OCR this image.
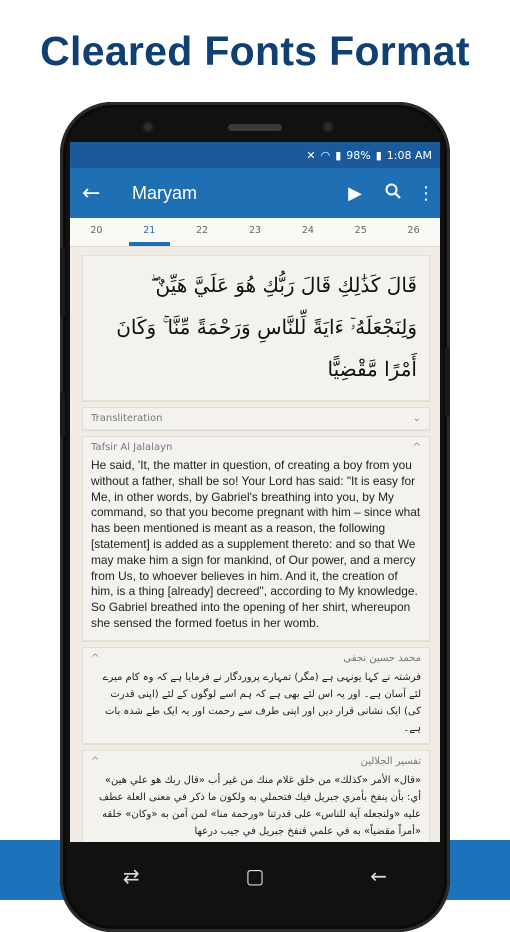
Cleared Fonts Format
✕ ◠ ▮ 98% ▮ 1:08 AM
←	Maryam	▶	⋮
20	21	22	23	24	25	26
قَالَ كَذَٰلِكِ قَالَ رَبُّكِ هُوَ عَلَيَّ هَيِّنٌ ۖ وَلِنَجْعَلَهُۥٓ ءَايَةً لِّلنَّاسِ وَرَحْمَةً مِّنَّا ۚ وَكَانَ أَمْرًا مَّقْضِيًّا
Transliteration	⌄
Tafsir Al Jalalayn	^
He said, 'It, the matter in question, of creating a boy from you without a father, shall be so! Your Lord has said: "It is easy for Me, in other words, by Gabriel's breathing into you, by My command, so that you become pregnant with him – since what has been mentioned is meant as a reason, the following [statement] is added as a supplement thereto: and so that We may make him a sign for mankind, of Our power, and a mercy from Us, to whoever believes in him. And it, the creation of him, is a thing [already] decreed", according to My knowledge. So Gabriel breathed into the opening of her shirt, whereupon she sensed the formed foetus in her womb.
محمد حسین نجفی
^
فرشتہ نے کہا یونہی ہے (مگر) تمہارے پروردگار نے فرمایا ہے کہ وہ کام میرے لئے آسان ہے۔ اور یہ اس لئے بھی ہے کہ ہم اسے لوگوں کے لئے (اپنی قدرت کی) ایک نشانی قرار دیں اور اپنی طرف سے رحمت اور یہ ایک طے شدہ بات ہے۔
تفسير الجلالين
^
«قال» الأمر «كذلك» من خلق غلام منك من غير أب «قال ربك هو علي هين» أي: بأن ينفخ بأمري جبريل فيك فتحملي به ولكون ما ذكر في معنى العلة عطف عليه «ولنجعله آية للناس» على قدرتنا «ورحمة منا» لمن آمن به «وكان» خلقه «أمراً مقضياً» به في علمي فنفخ جبريل في جيب درعها
⇄	▢	←
